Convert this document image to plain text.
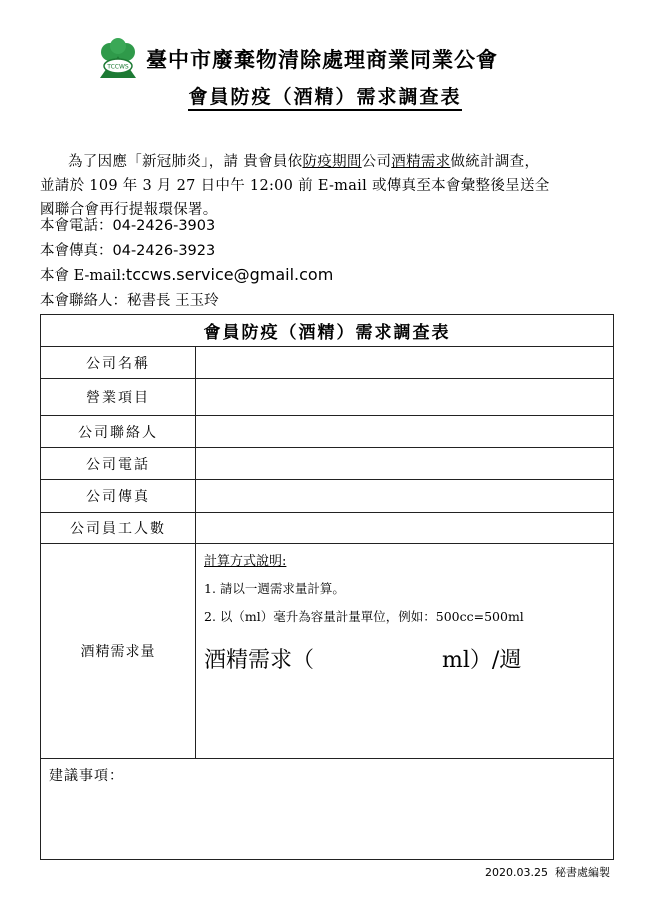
TCCWS 臺中市廢棄物清除處理商業同業公會
會員防疫（酒精）需求調查表
為了因應「新冠肺炎」，請 貴會員依防疫期間公司酒精需求做統計調查，
並請於 109 年 3 月 27 日中午 12:00 前 E-mail 或傳真至本會彙整後呈送全
國聯合會再行提報環保署。
本會電話：04-2426-3903
本會傳真：04-2426-3923
本會 E-mail:tccws.service@gmail.com
本會聯絡人：秘書長 王玉玲
會員防疫（酒精）需求調查表	
公司名稱	
營業項目	
公司聯絡人	
公司電話	
公司傳真	
公司員工人數	
酒精需求量	計算方式說明:
1. 請以一週需求量計算。
2. 以（ml）毫升為容量計量單位，例如：500cc=500ml
酒精需求（ ml）/週

建議事項：	
2020.03.25 秘書處編製
